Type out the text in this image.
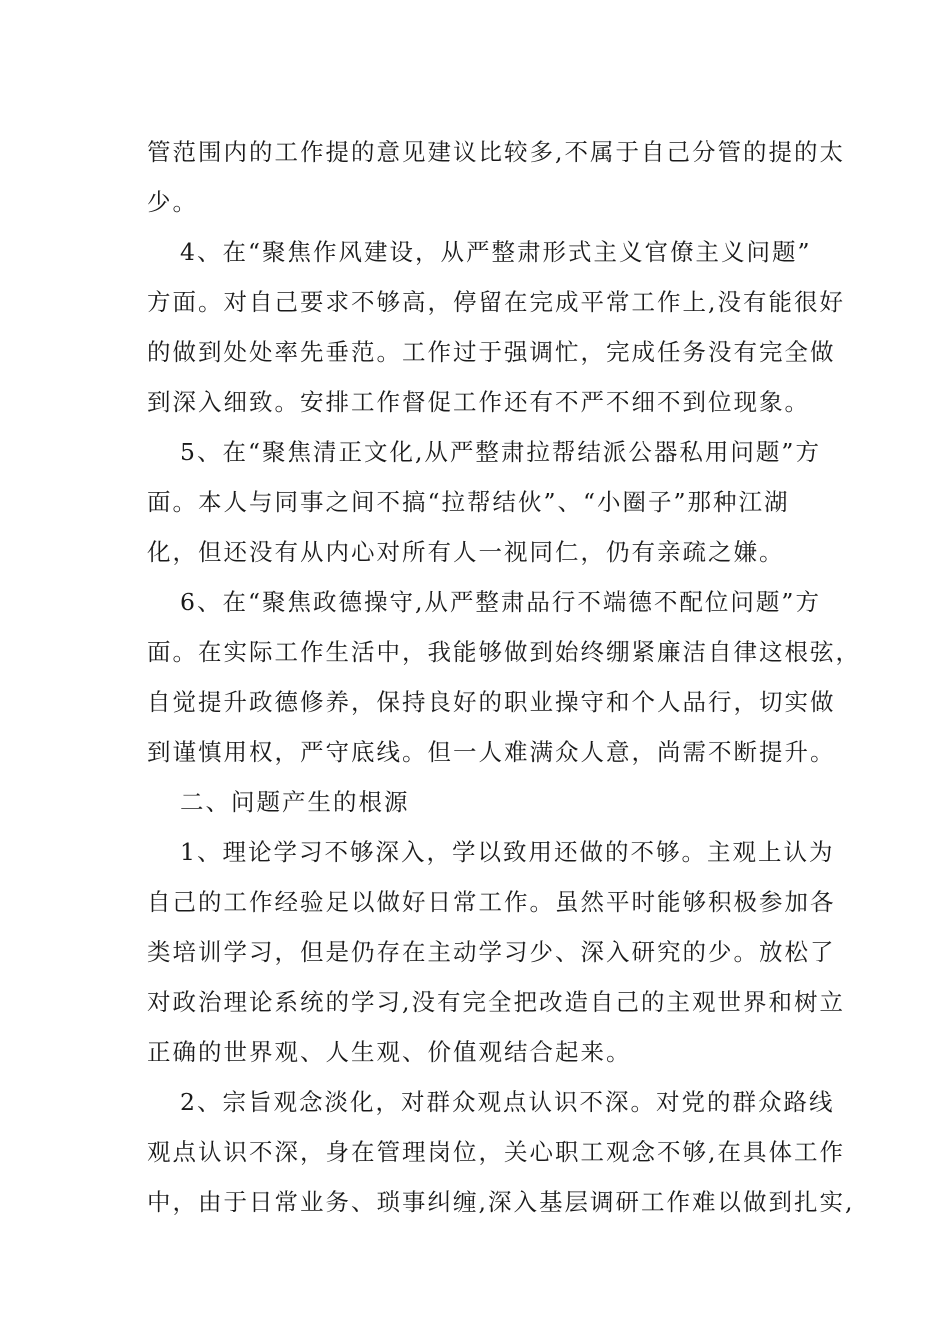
管范围内的工作提的意见建议比较多,不属于自己分管的提的太
少。
4、在“聚焦作风建设，从严整肃形式主义官僚主义问题”
方面。对自己要求不够高，停留在完成平常工作上,没有能很好
的做到处处率先垂范。工作过于强调忙，完成任务没有完全做
到深入细致。安排工作督促工作还有不严不细不到位现象。
5、在“聚焦清正文化,从严整肃拉帮结派公器私用问题”方
面。本人与同事之间不搞“拉帮结伙”、“小圈子”那种江湖
化，但还没有从内心对所有人一视同仁，仍有亲疏之嫌。
6、在“聚焦政德操守,从严整肃品行不端德不配位问题”方
面。在实际工作生活中，我能够做到始终绷紧廉洁自律这根弦，
自觉提升政德修养，保持良好的职业操守和个人品行，切实做
到谨慎用权，严守底线。但一人难满众人意，尚需不断提升。
二、问题产生的根源
1、理论学习不够深入，学以致用还做的不够。主观上认为
自己的工作经验足以做好日常工作。虽然平时能够积极参加各
类培训学习，但是仍存在主动学习少、深入研究的少。放松了
对政治理论系统的学习,没有完全把改造自己的主观世界和树立
正确的世界观、人生观、价值观结合起来。
2、宗旨观念淡化，对群众观点认识不深。对党的群众路线
观点认识不深，身在管理岗位，关心职工观念不够,在具体工作
中，由于日常业务、琐事纠缠,深入基层调研工作难以做到扎实,
